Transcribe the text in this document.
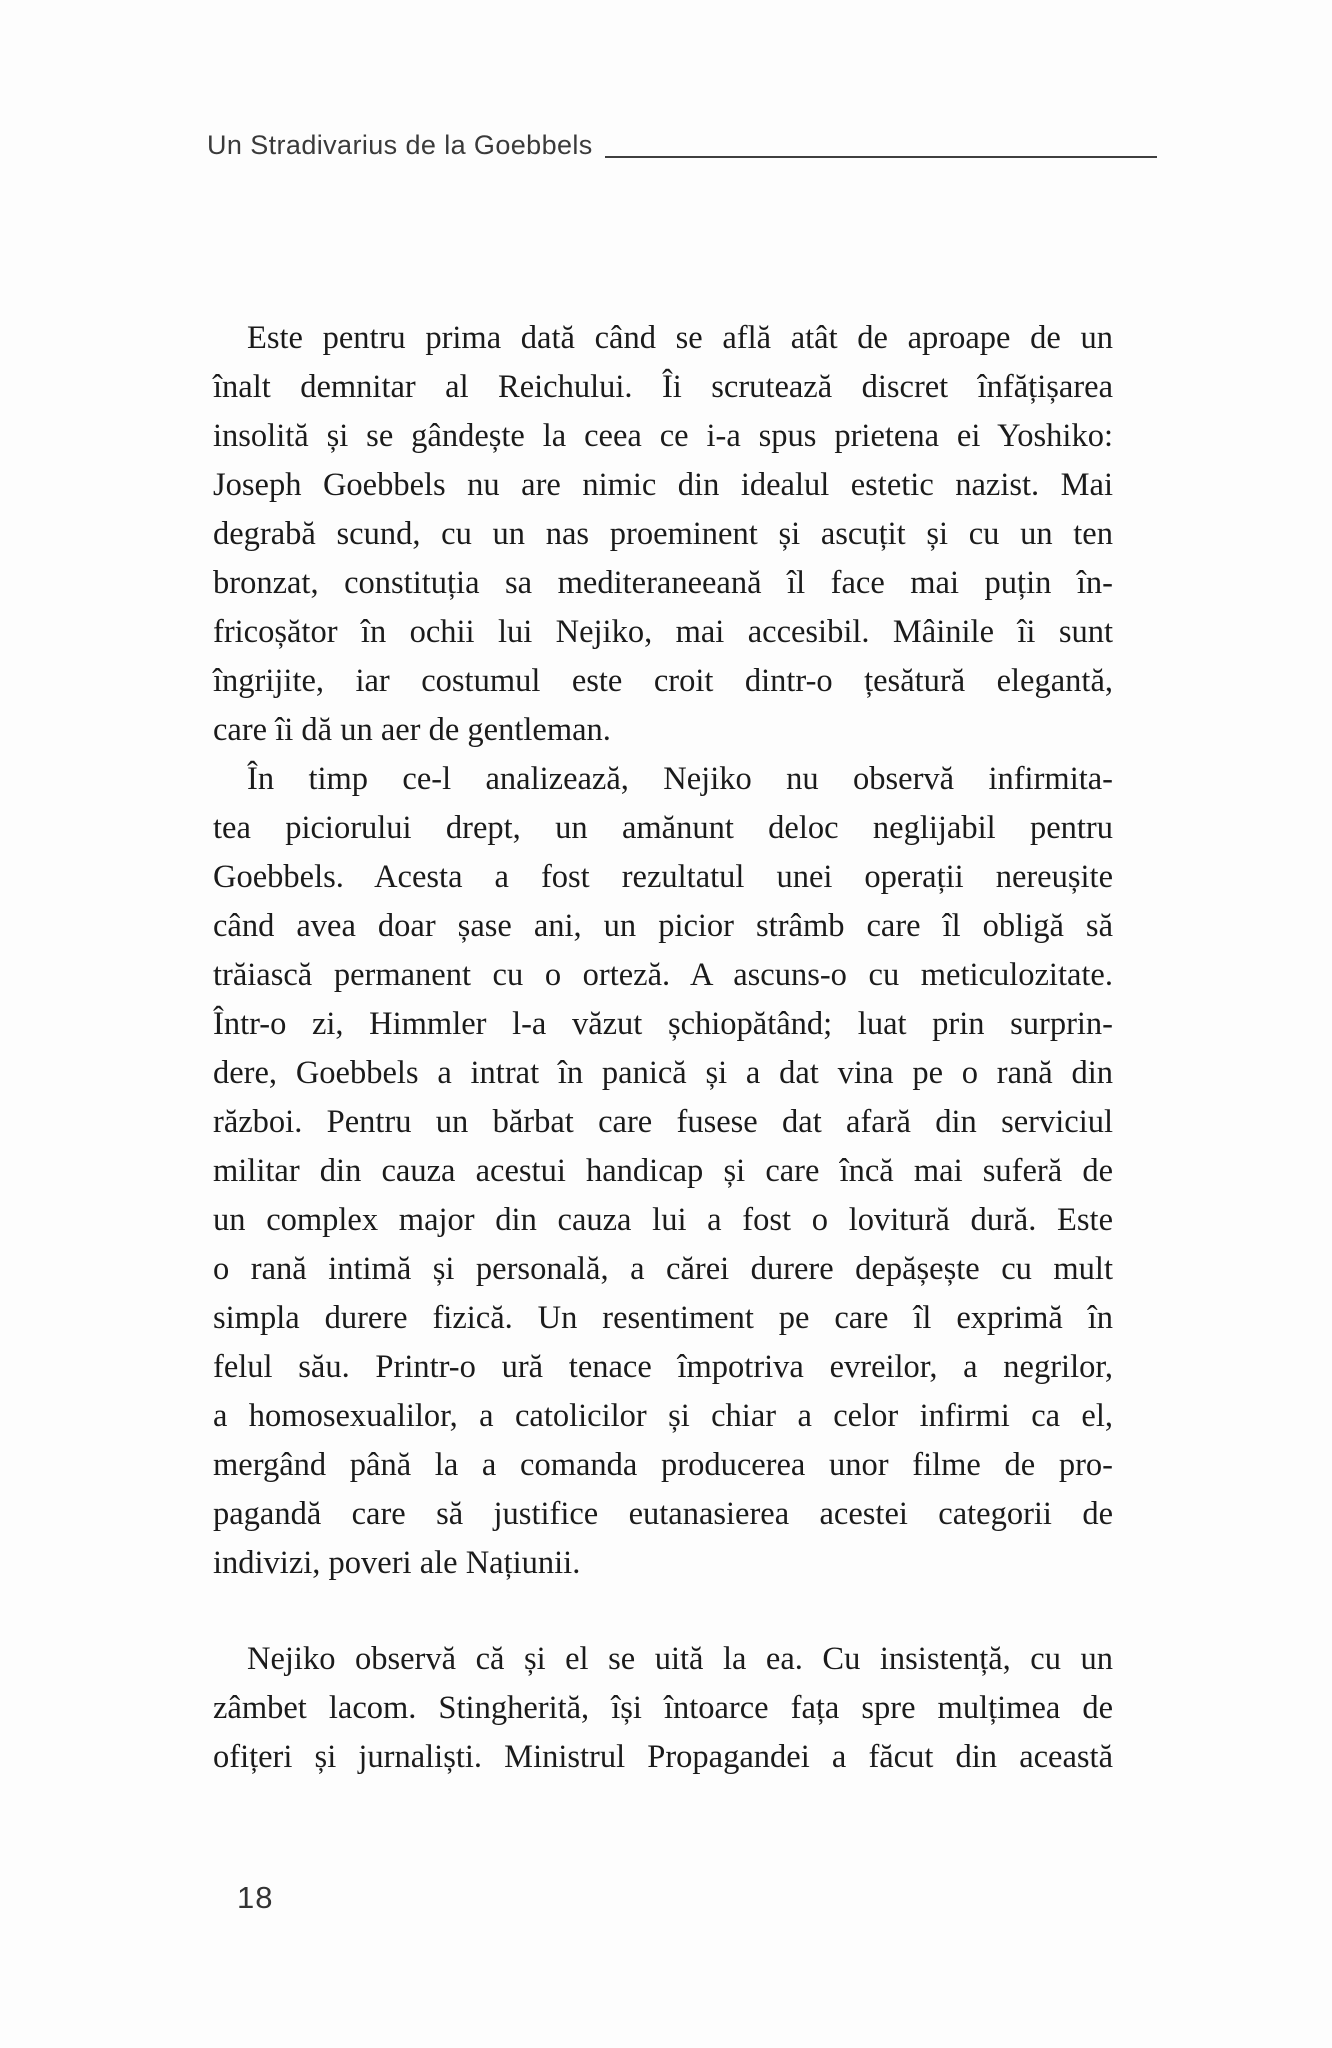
Un Stradivarius de la Goebbels

Este pentru prima dată când se află atât de aproape de un
înalt demnitar al Reichului. Îi scrutează discret înfățișarea
insolită și se gândește la ceea ce i-a spus prietena ei Yoshiko:
Joseph Goebbels nu are nimic din idealul estetic nazist. Mai
degrabă scund, cu un nas proeminent și ascuțit și cu un ten
bronzat, constituția sa mediteraneeană îl face mai puțin în-
fricoșător în ochii lui Nejiko, mai accesibil. Mâinile îi sunt
îngrijite, iar costumul este croit dintr-o țesătură elegantă,
care îi dă un aer de gentleman.

În timp ce-l analizează, Nejiko nu observă infirmita-
tea piciorului drept, un amănunt deloc neglijabil pentru
Goebbels. Acesta a fost rezultatul unei operații nereușite
când avea doar șase ani, un picior strâmb care îl obligă să
trăiască permanent cu o orteză. A ascuns-o cu meticulozitate.
Într-o zi, Himmler l-a văzut șchiopătând; luat prin surprin-
dere, Goebbels a intrat în panică și a dat vina pe o rană din
război. Pentru un bărbat care fusese dat afară din serviciul
militar din cauza acestui handicap și care încă mai suferă de
un complex major din cauza lui a fost o lovitură dură. Este
o rană intimă și personală, a cărei durere depășește cu mult
simpla durere fizică. Un resentiment pe care îl exprimă în
felul său. Printr-o ură tenace împotriva evreilor, a negrilor,
a homosexualilor, a catolicilor și chiar a celor infirmi ca el,
mergând până la a comanda producerea unor filme de pro-
pagandă care să justifice eutanasierea acestei categorii de
indivizi, poveri ale Națiunii.

Nejiko observă că și el se uită la ea. Cu insistență, cu un
zâmbet lacom. Stingherită, își întoarce fața spre mulțimea de
ofițeri și jurnaliști. Ministrul Propagandei a făcut din această

18
